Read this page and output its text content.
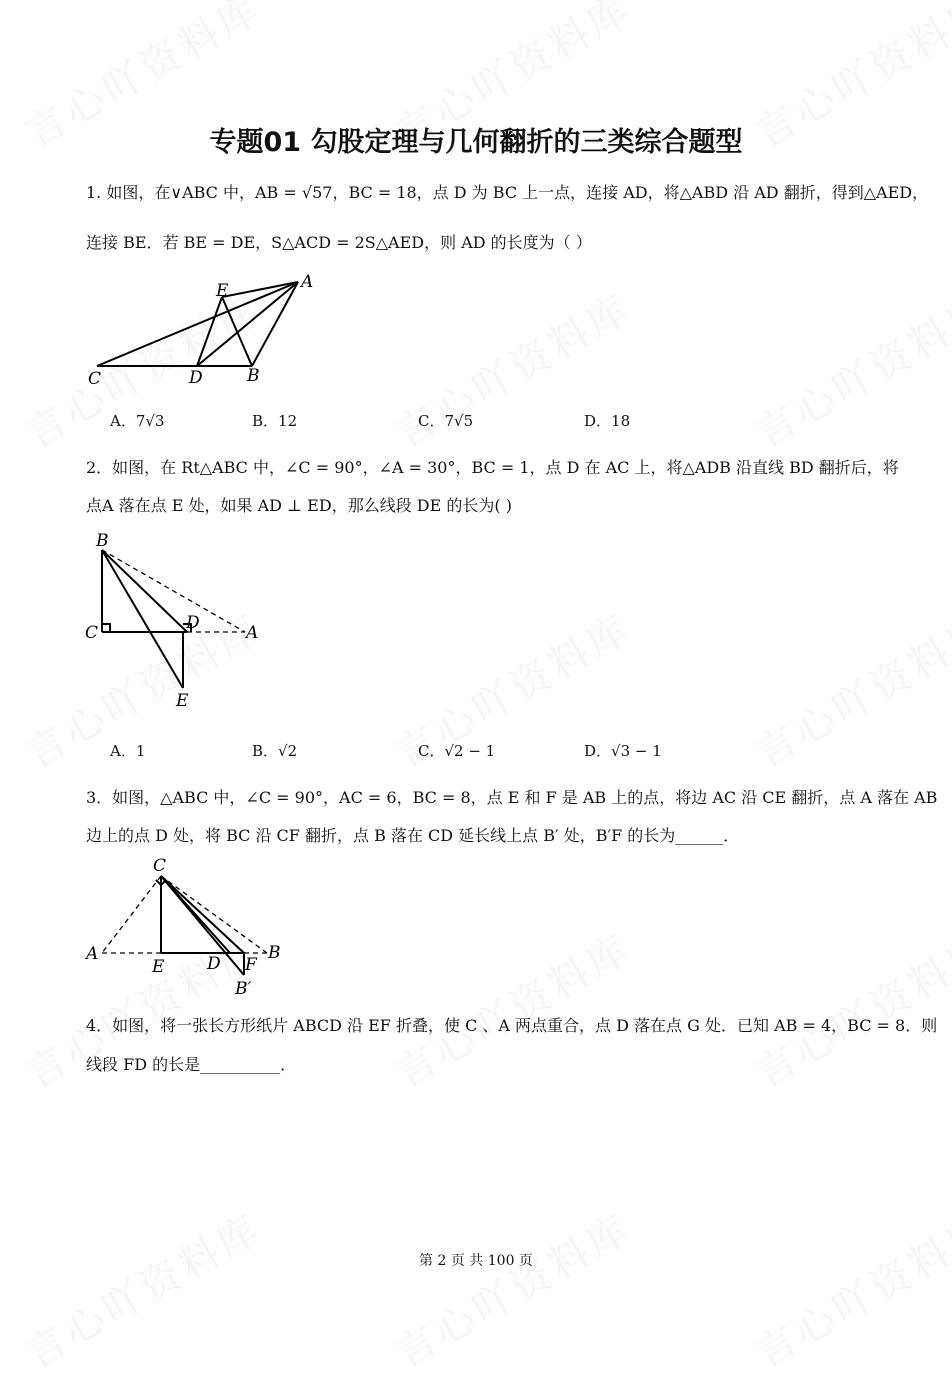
专题01 勾股定理与几何翻折的三类综合题型
1. 如图，在∨ABC 中，AB = √57，BC = 18，点 D 为 BC 上一点，连接 AD，将△ABD 沿 AD 翻折，得到△AED，
连接 BE．若 BE = DE，S△ACD = 2S△AED，则 AD 的长度为（ ）
E	A
C	D	B
A．7√3	B．12	C．7√5	D．18
2．如图，在 Rt△ABC 中，∠C = 90°，∠A = 30°，BC = 1，点 D 在 AC 上，将△ADB 沿直线 BD 翻折后，将
点A 落在点 E 处，如果 AD ⊥ ED，那么线段 DE 的长为( )
B
C	D	A
E
A．1	B．√2	C．√2 − 1	D．√3 − 1
3．如图，△ABC 中，∠C = 90°，AC = 6，BC = 8，点 E 和 F 是 AB 上的点，将边 AC 沿 CE 翻折，点 A 落在 AB
边上的点 D 处，将 BC 沿 CF 翻折，点 B 落在 CD 延长线上点 B′ 处，B′F 的长为______．
C
A
E	D F
B
B′
4．如图，将一张长方形纸片 ABCD 沿 EF 折叠，使 C 、A 两点重合，点 D 落在点 G 处．已知 AB = 4，BC = 8．则
线段 FD 的长是__________．
第 2 页 共 100 页
